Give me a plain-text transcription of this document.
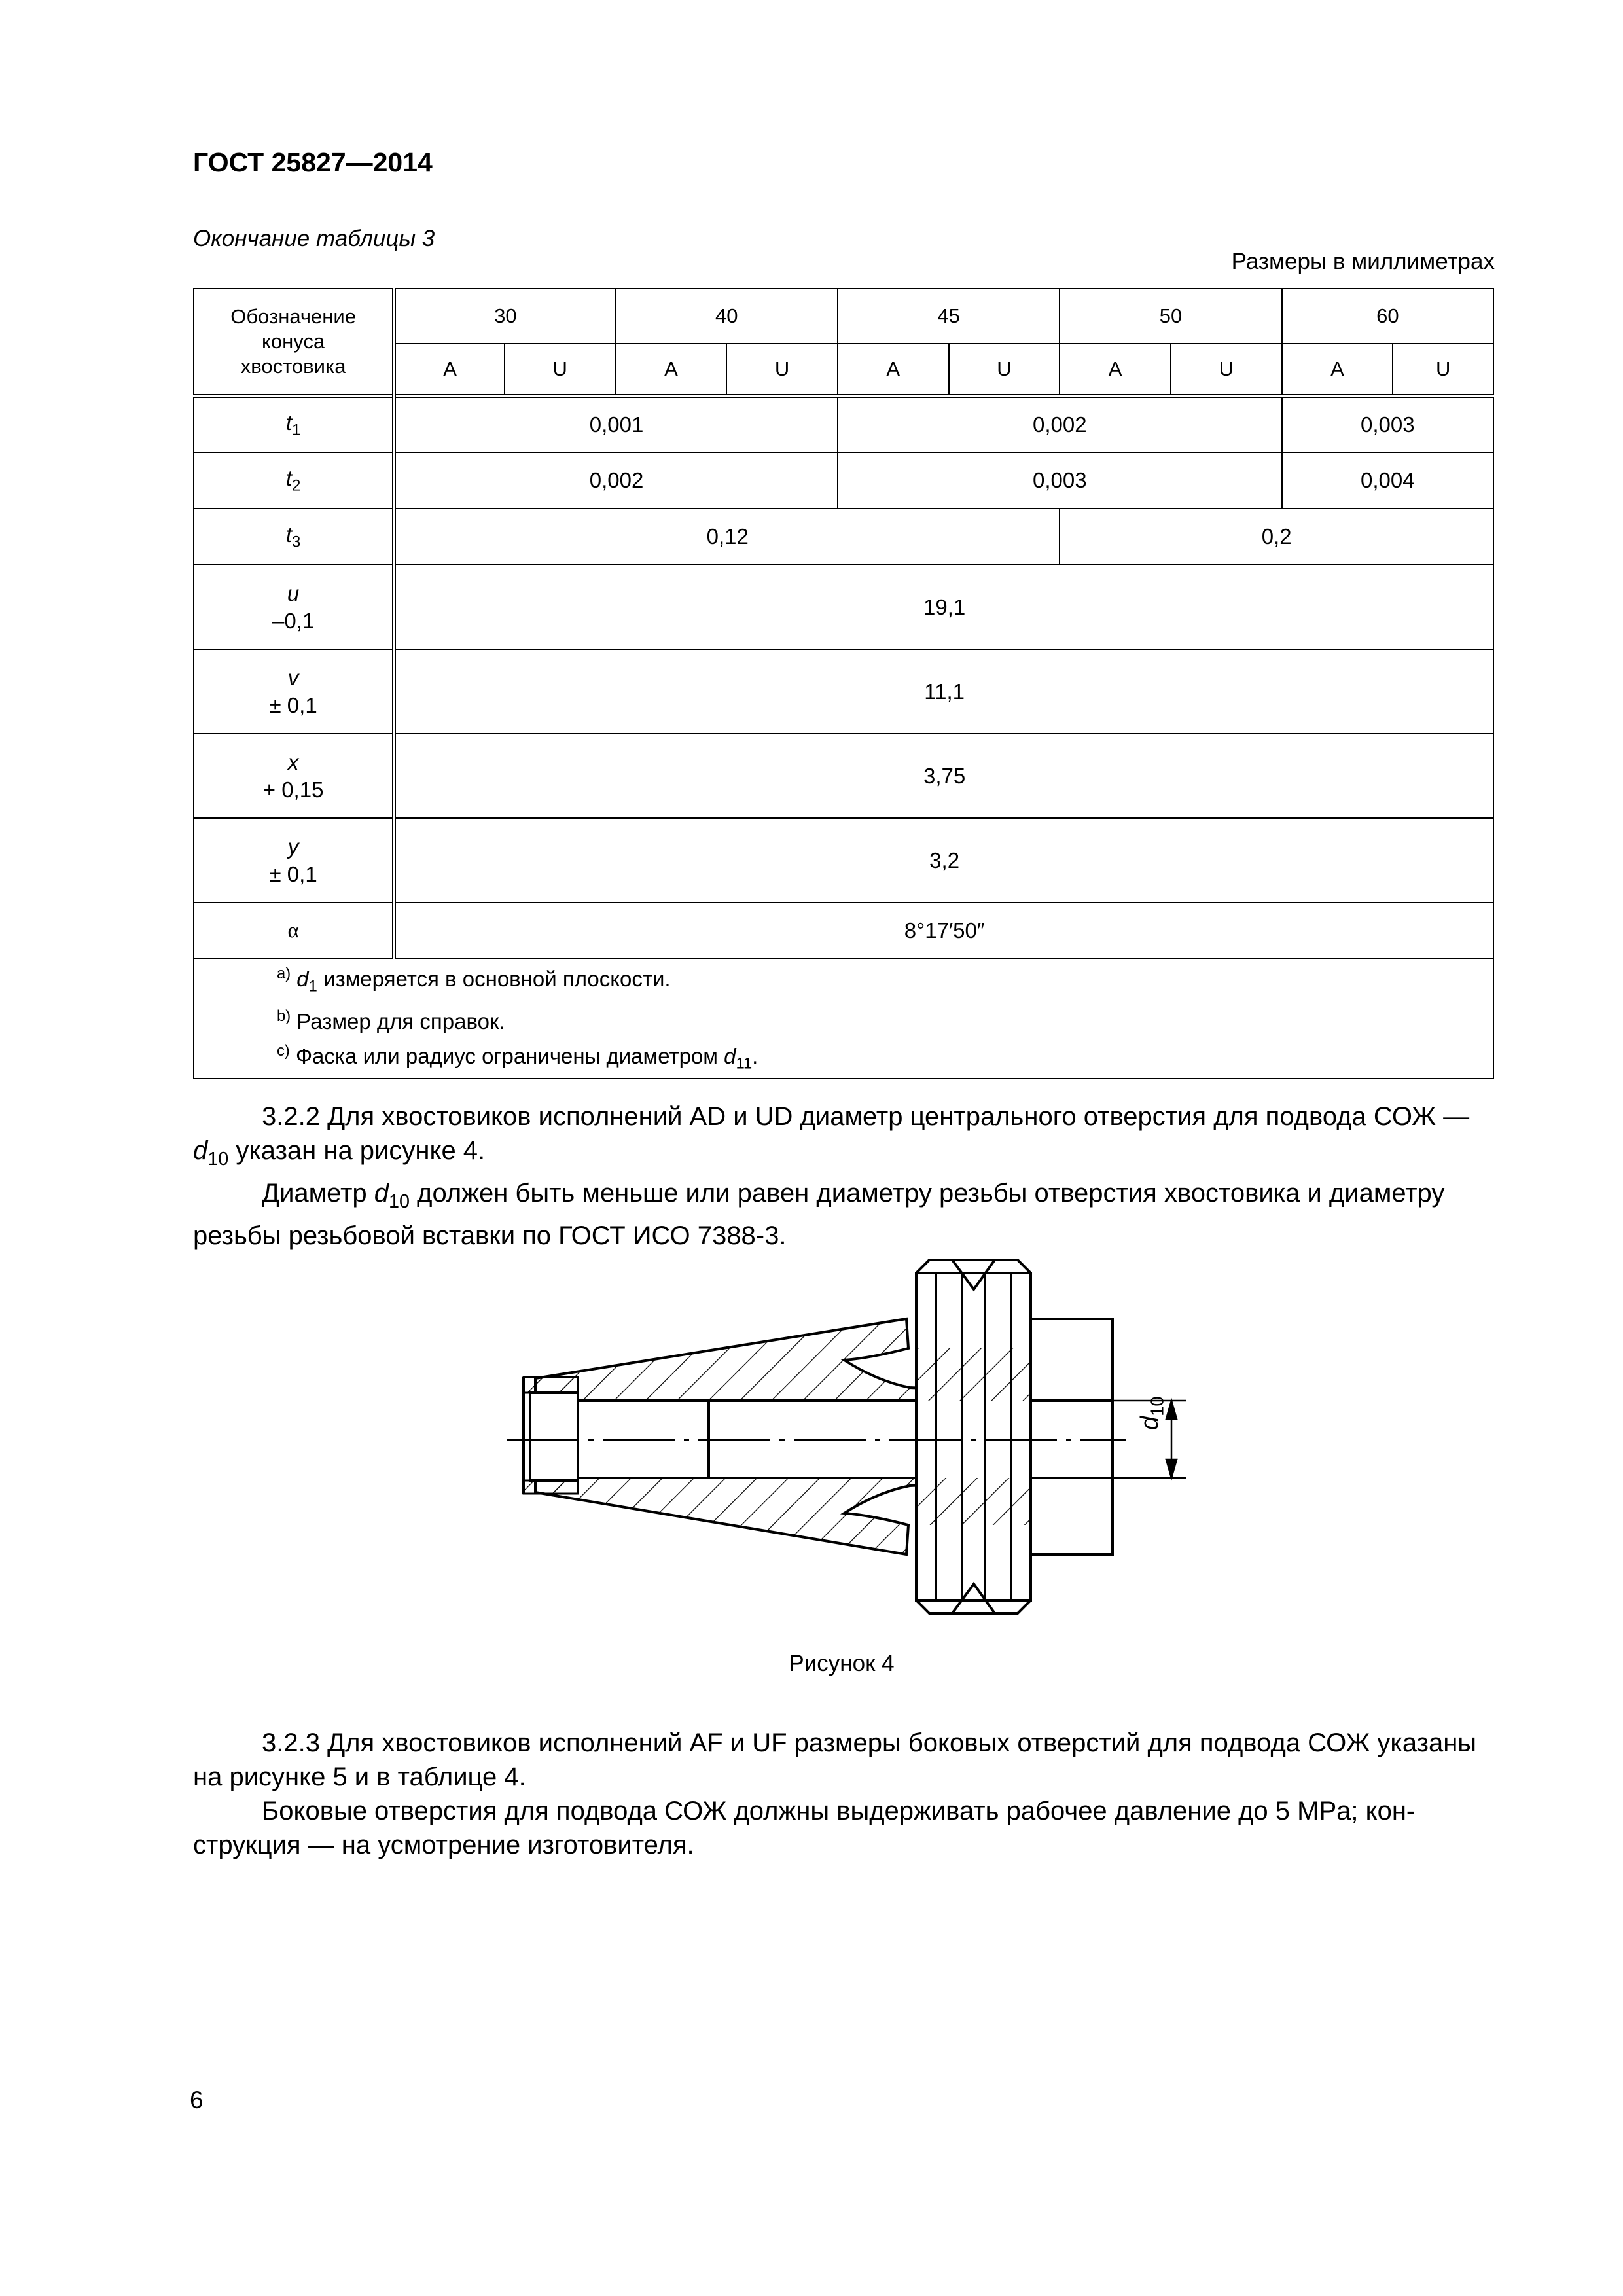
ГОСТ 25827—2014
Окончание таблицы 3
Размеры в миллиметрах
Обозначение конуса хвостовика	30		40		45		50		60	
	A	U	A	U	A	U	A	U	A	U
$t_1$	0,001				0,002				0,003	
$t_2$	0,002				0,003				0,004	
$t_3$	0,12						0,2			
u
–0,1	19,1									
v
± 0,1	11,1									
x
+ 0,15	3,75									
y
± 0,1	3,2									
α	8°17′50″									

$^{a)}$ $d_1$ измеряется в основной плоскости.
$^{b)}$ Размер для справок.
$^{c)}$ Фаска или радиус ограничены диаметром $d_{11}$.										
3.2.2 Для хвостовиков исполнений AD и UD диаметр центрального отверстия для подвода СОЖ —
$d_{10}$ указан на рисунке 4.
Диаметр $d_{10}$ должен быть меньше или равен диаметру резьбы отверстия хвостовика и диаметру
резьбы резьбовой вставки по ГОСТ ИСО 7388-3.
$d_{10}$
Рисунок 4
3.2.3 Для хвостовиков исполнений AF и UF размеры боковых отверстий для подвода СОЖ указаны
на рисунке 5 и в таблице 4.
Боковые отверстия для подвода СОЖ должны выдерживать рабочее давление до 5 MPa; кон-
струкция — на усмотрение изготовителя.
6
